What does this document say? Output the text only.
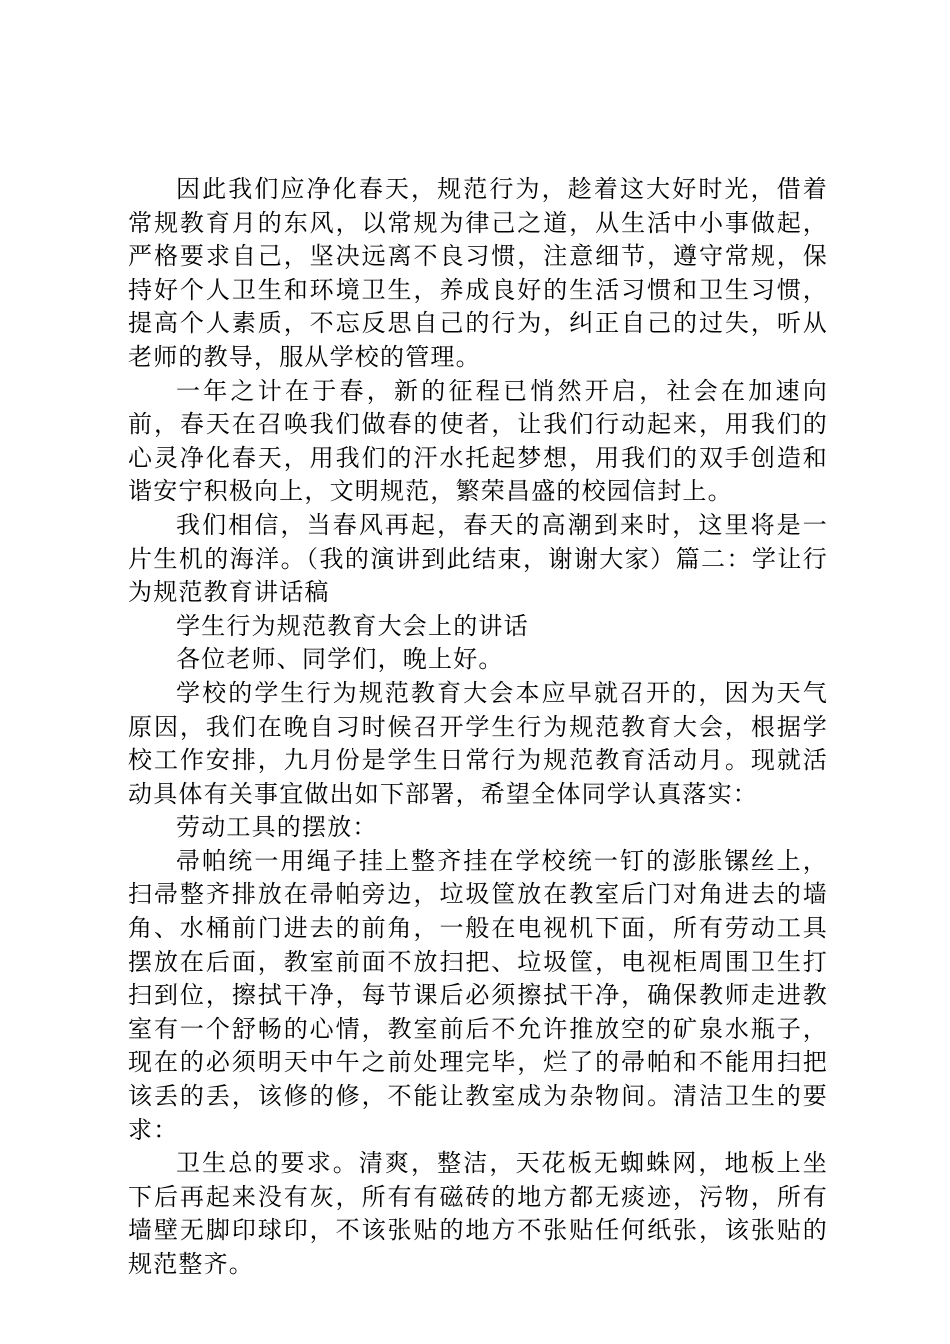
因此我们应净化春天，规范行为，趁着这大好时光，借着常规教育月的东风，以常规为律己之道，从生活中小事做起，严格要求自己，坚决远离不良习惯，注意细节，遵守常规，保持好个人卫生和环境卫生，养成良好的生活习惯和卫生习惯，提高个人素质，不忘反思自己的行为，纠正自己的过失，听从老师的教导，服从学校的管理。

一年之计在于春，新的征程已悄然开启，社会在加速向前，春天在召唤我们做春的使者，让我们行动起来，用我们的心灵净化春天，用我们的汗水托起梦想，用我们的双手创造和谐安宁积极向上，文明规范，繁荣昌盛的校园信封上。

我们相信，当春风再起，春天的高潮到来时，这里将是一片生机的海洋。（我的演讲到此结束，谢谢大家）篇二：学让行为规范教育讲话稿

学生行为规范教育大会上的讲话

各位老师、同学们，晚上好。

学校的学生行为规范教育大会本应早就召开的，因为天气原因，我们在晚自习时候召开学生行为规范教育大会，根据学校工作安排，九月份是学生日常行为规范教育活动月。现就活动具体有关事宜做出如下部署，希望全体同学认真落实：

劳动工具的摆放：

帚帕统一用绳子挂上整齐挂在学校统一钉的澎胀镙丝上，扫帚整齐排放在帚帕旁边，垃圾筐放在教室后门对角进去的墙角、水桶前门进去的前角，一般在电视机下面，所有劳动工具摆放在后面，教室前面不放扫把、垃圾筐，电视柜周围卫生打扫到位，擦拭干净，每节课后必须擦拭干净，确保教师走进教室有一个舒畅的心情，教室前后不允许推放空的矿泉水瓶子，现在的必须明天中午之前处理完毕，烂了的帚帕和不能用扫把该丢的丢，该修的修，不能让教室成为杂物间。清洁卫生的要求：

卫生总的要求。清爽，整洁，天花板无蜘蛛网，地板上坐下后再起来没有灰，所有有磁砖的地方都无痰迹，污物，所有墙壁无脚印球印，不该张贴的地方不张贴任何纸张，该张贴的规范整齐。
